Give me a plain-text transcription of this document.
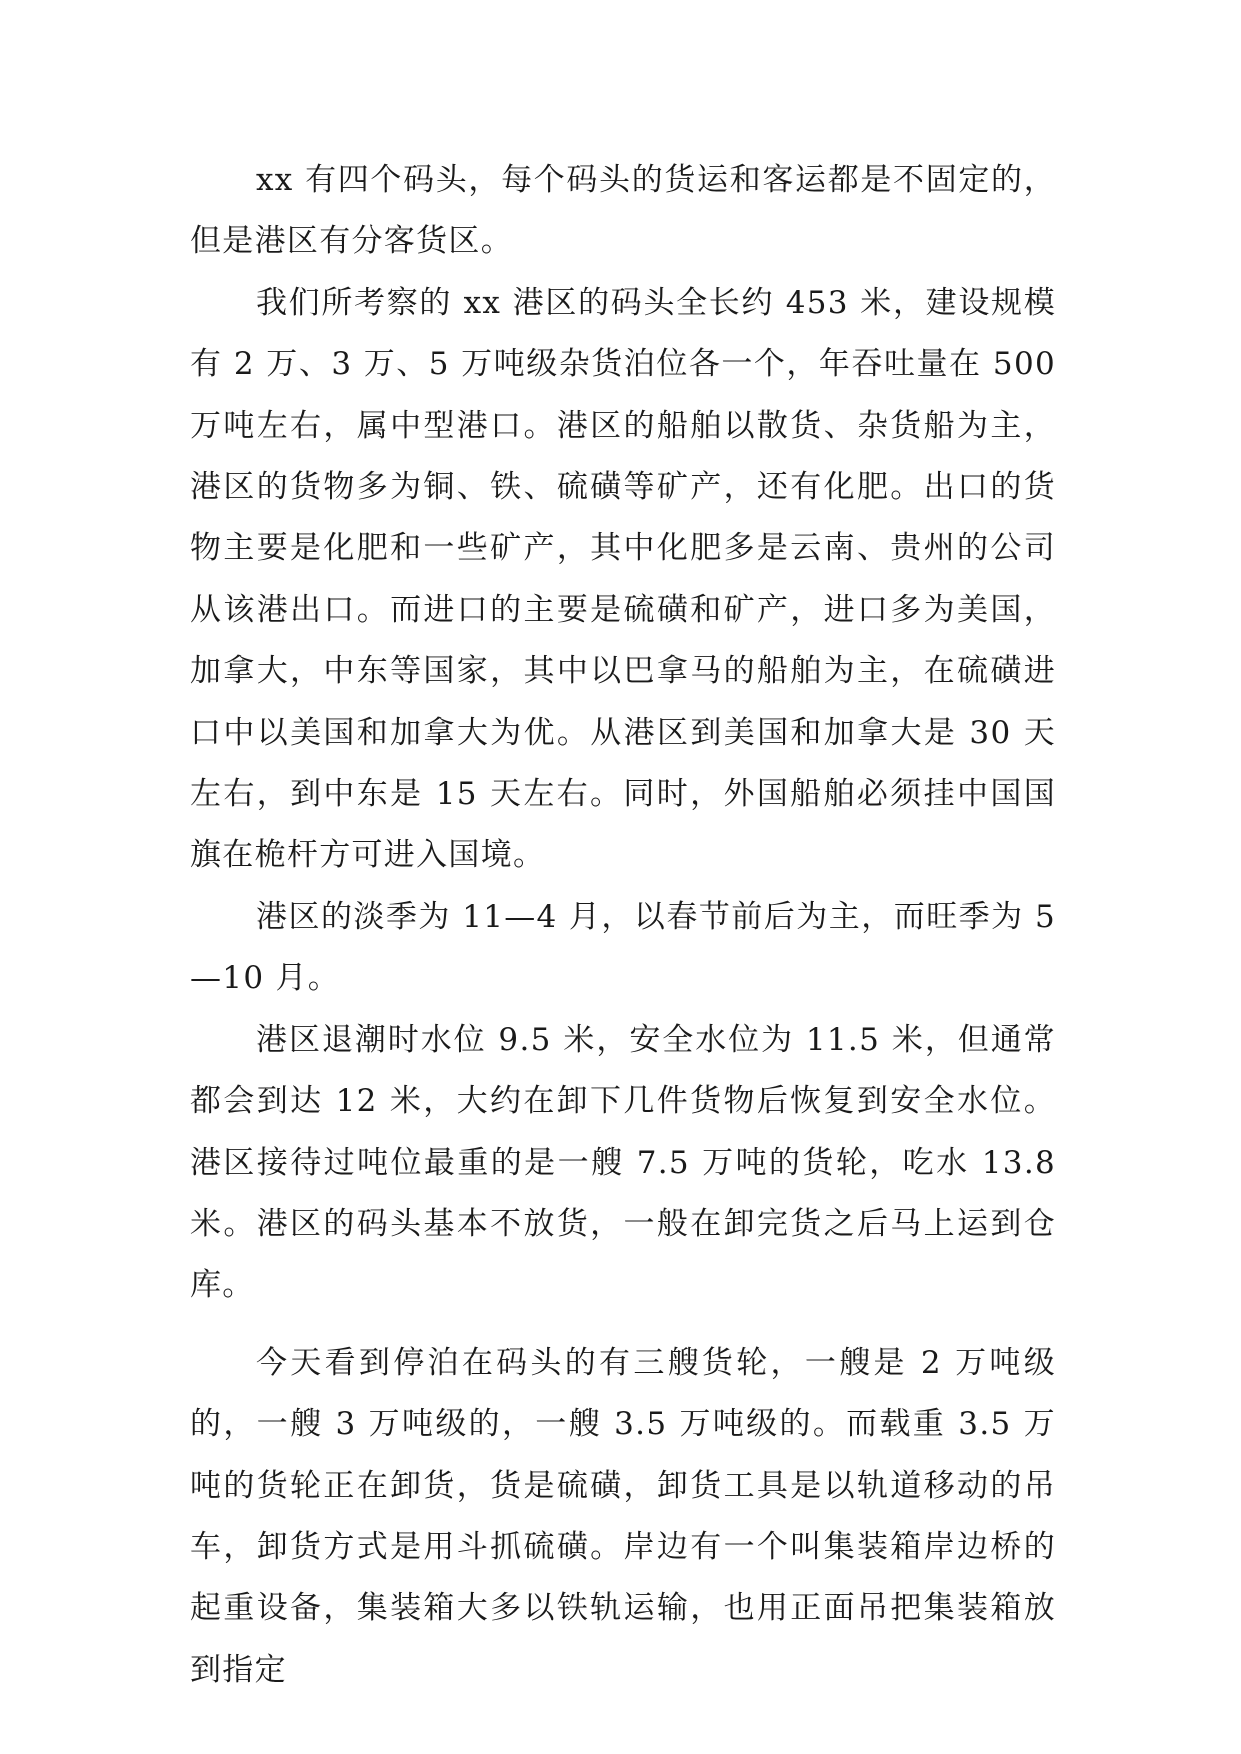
xx 有四个码头，每个码头的货运和客运都是不固定的，但是港区有分客货区。

我们所考察的 xx 港区的码头全长约 453 米，建设规模有 2 万、3 万、5 万吨级杂货泊位各一个，年吞吐量在 500 万吨左右，属中型港口。港区的船舶以散货、杂货船为主，港区的货物多为铜、铁、硫磺等矿产，还有化肥。出口的货物主要是化肥和一些矿产，其中化肥多是云南、贵州的公司从该港出口。而进口的主要是硫磺和矿产，进口多为美国，加拿大，中东等国家，其中以巴拿马的船舶为主，在硫磺进口中以美国和加拿大为优。从港区到美国和加拿大是 30 天左右，到中东是 15 天左右。同时，外国船舶必须挂中国国旗在桅杆方可进入国境。

港区的淡季为 11—4 月，以春节前后为主，而旺季为 5—10 月。

港区退潮时水位 9.5 米，安全水位为 11.5 米，但通常都会到达 12 米，大约在卸下几件货物后恢复到安全水位。港区接待过吨位最重的是一艘 7.5 万吨的货轮，吃水 13.8 米。港区的码头基本不放货，一般在卸完货之后马上运到仓库。

今天看到停泊在码头的有三艘货轮，一艘是 2 万吨级的，一艘 3 万吨级的，一艘 3.5 万吨级的。而载重 3.5 万吨的货轮正在卸货，货是硫磺，卸货工具是以轨道移动的吊车，卸货方式是用斗抓硫磺。岸边有一个叫集装箱岸边桥的起重设备，集装箱大多以铁轨运输，也用正面吊把集装箱放到指定
